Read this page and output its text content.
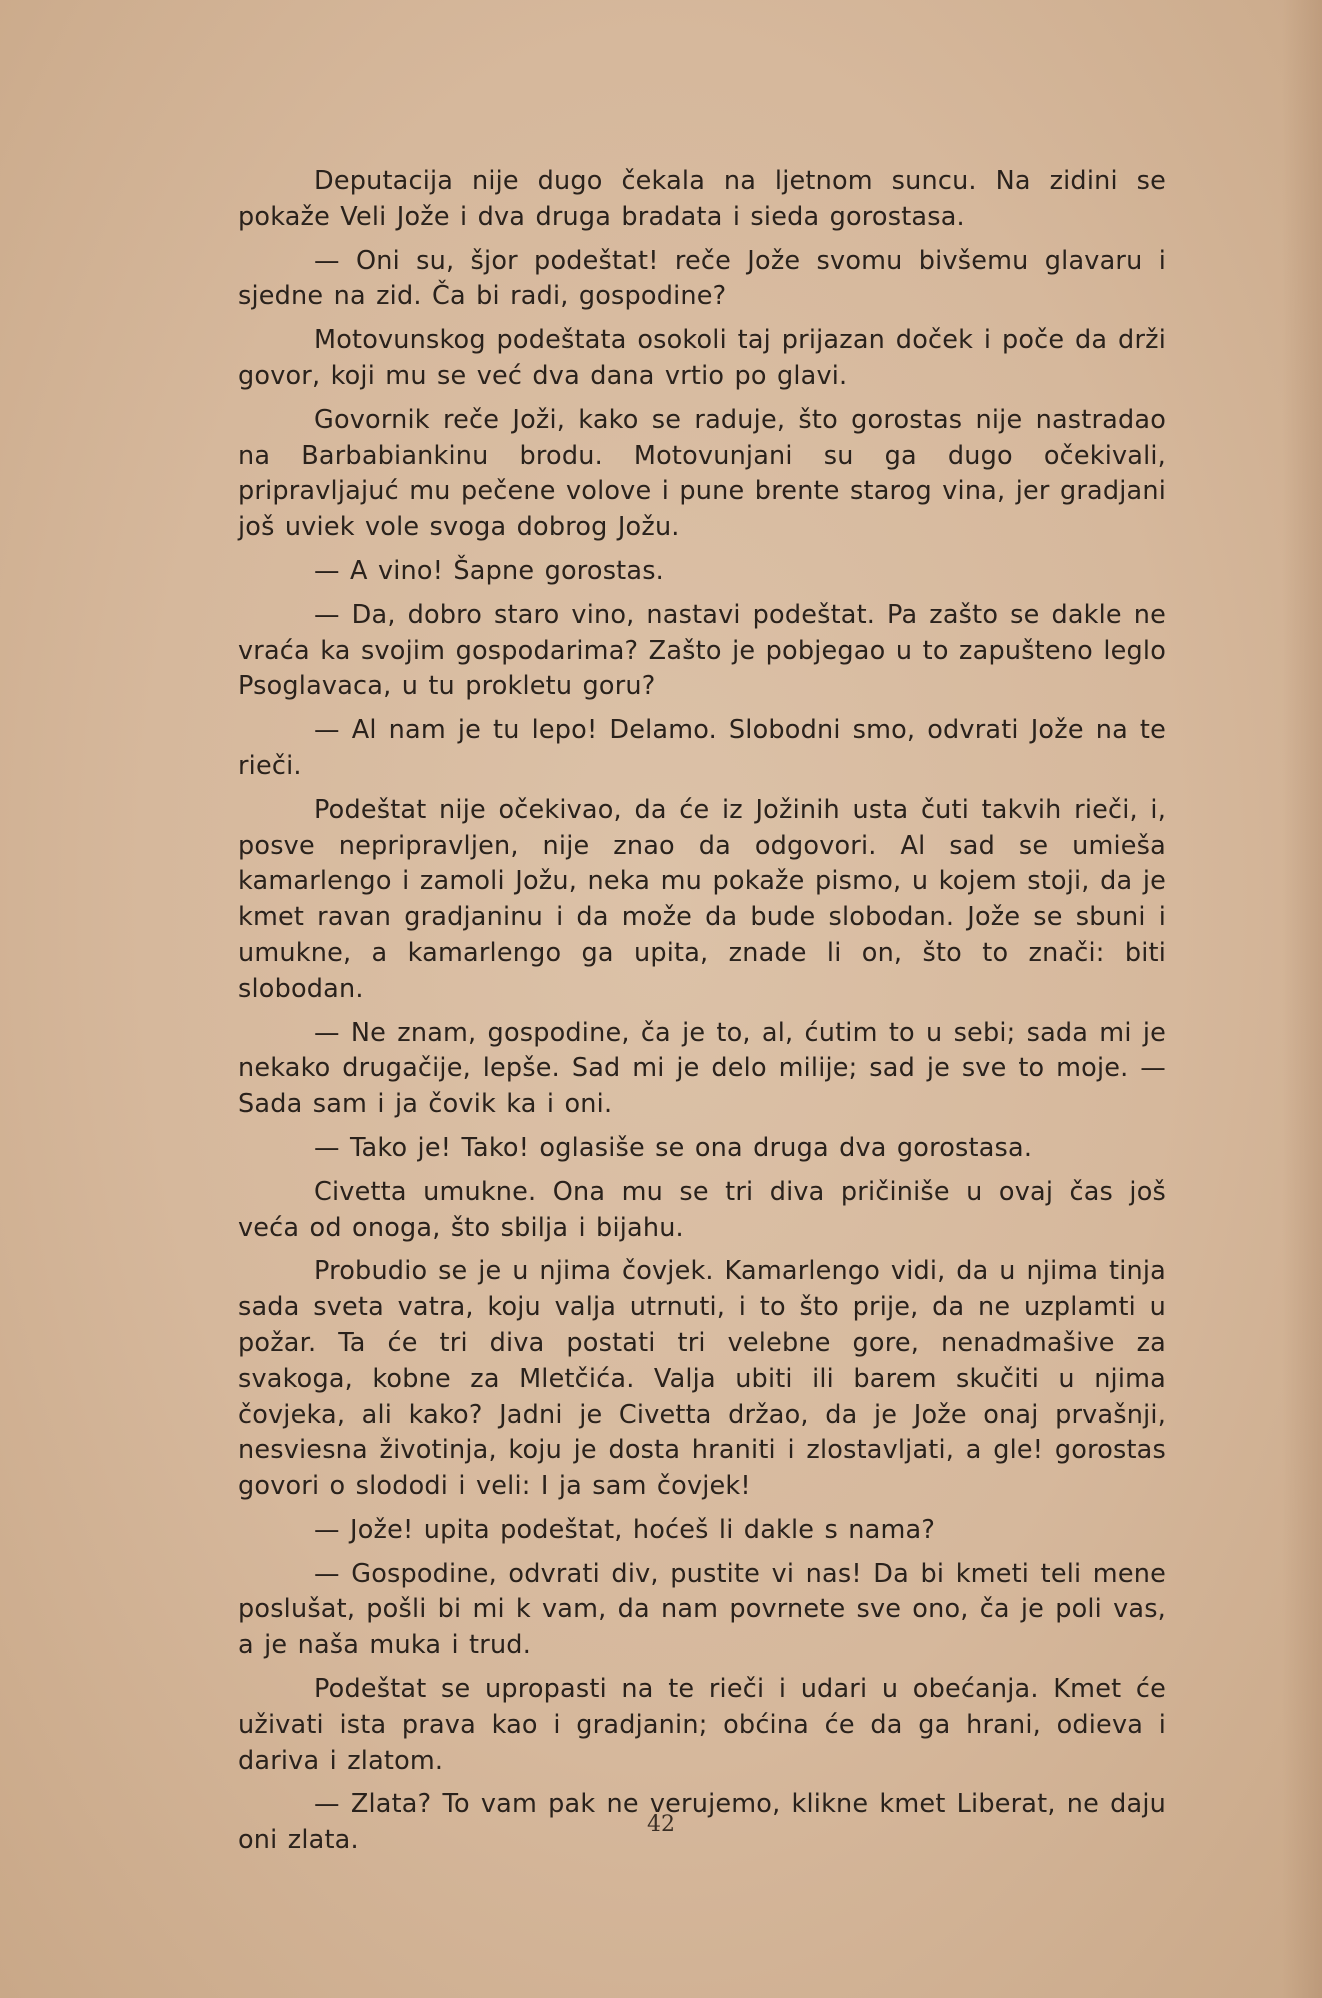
Deputacija nije dugo čekala na ljetnom suncu. Na zidini se pokaže Veli Jože i dva druga bradata i sieda gorostasa.

— Oni su, šjor podeštat! reče Jože svomu bivšemu glavaru i sjedne na zid. Ča bi radi, gospodine?

Motovunskog podeštata osokoli taj prijazan doček i poče da drži govor, koji mu se već dva dana vrtio po glavi.

Govornik reče Joži, kako se raduje, što gorostas nije nastradao na Barbabiankinu brodu. Motovunjani su ga dugo očekivali, pripravljajuć mu pečene volove i pune brente starog vina, jer gradjani još uviek vole svoga dobrog Jožu.

— A vino! Šapne gorostas.

— Da, dobro staro vino, nastavi podeštat. Pa zašto se dakle ne vraća ka svojim gospodarima? Zašto je pobjegao u to zapušteno leglo Psoglavaca, u tu prokletu goru?

— Al nam je tu lepo! Delamo. Slobodni smo, odvrati Jože na te rieči.

Podeštat nije očekivao, da će iz Jožinih usta čuti takvih rieči, i, posve nepripravljen, nije znao da odgovori. Al sad se umieša kamarlengo i zamoli Jožu, neka mu pokaže pismo, u kojem stoji, da je kmet ravan gradjaninu i da može da bude slobodan. Jože se sbuni i umukne, a kamarlengo ga upita, znade li on, što to znači: biti slobodan.

— Ne znam, gospodine, ča je to, al, ćutim to u sebi; sada mi je nekako drugačije, lepše. Sad mi je delo milije; sad je sve to moje. — Sada sam i ja čovik ka i oni.

— Tako je! Tako! oglasiše se ona druga dva gorostasa.

Civetta umukne. Ona mu se tri diva pričiniše u ovaj čas još veća od onoga, što sbilja i bijahu.

Probudio se je u njima čovjek. Kamarlengo vidi, da u njima tinja sada sveta vatra, koju valja utrnuti, i to što prije, da ne uzplamti u požar. Ta će tri diva postati tri velebne gore, nenadmašive za svakoga, kobne za Mletčića. Valja ubiti ili barem skučiti u njima čovjeka, ali kako? Jadni je Civetta držao, da je Jože onaj prvašnji, nesviesna životinja, koju je dosta hraniti i zlostavljati, a gle! gorostas govori o slododi i veli: I ja sam čovjek!

— Jože! upita podeštat, hoćeš li dakle s nama?

— Gospodine, odvrati div, pustite vi nas! Da bi kmeti teli mene poslušat, pošli bi mi k vam, da nam povrnete sve ono, ča je poli vas, a je naša muka i trud.

Podeštat se upropasti na te rieči i udari u obećanja. Kmet će uživati ista prava kao i gradjanin; obćina će da ga hrani, odieva i dariva i zlatom.

— Zlata? To vam pak ne verujemo, klikne kmet Liberat, ne daju oni zlata.

42
